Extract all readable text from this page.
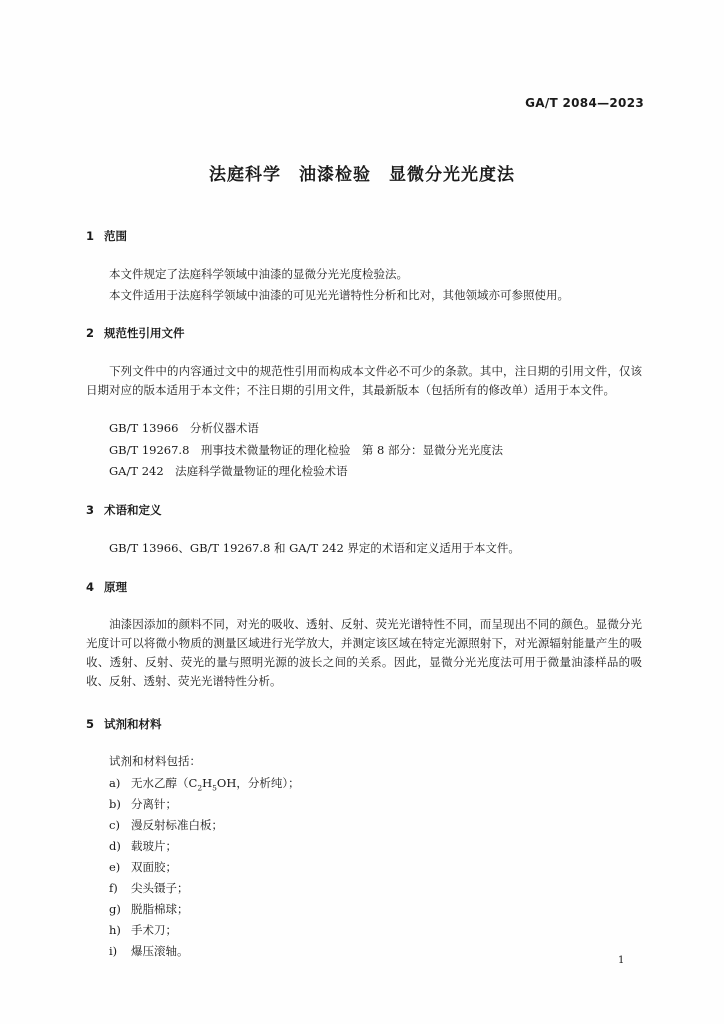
GA/T 2084—2023
法庭科学　油漆检验　显微分光光度法
1 范围
本文件规定了法庭科学领域中油漆的显微分光光度检验法。
本文件适用于法庭科学领域中油漆的可见光光谱特性分析和比对，其他领域亦可参照使用。
2 规范性引用文件
下列文件中的内容通过文中的规范性引用而构成本文件必不可少的条款。其中，注日期的引用文件，仅该日期对应的版本适用于本文件；不注日期的引用文件，其最新版本（包括所有的修改单）适用于本文件。
GB/T 13966　分析仪器术语
GB/T 19267.8　刑事技术微量物证的理化检验　第 8 部分：显微分光光度法
GA/T 242　法庭科学微量物证的理化检验术语
3 术语和定义
GB/T 13966、GB/T 19267.8 和 GA/T 242 界定的术语和定义适用于本文件。
4 原理
油漆因添加的颜料不同，对光的吸收、透射、反射、荧光光谱特性不同，而呈现出不同的颜色。显微分光光度计可以将微小物质的测量区域进行光学放大，并测定该区域在特定光源照射下，对光源辐射能量产生的吸收、透射、反射、荧光的量与照明光源的波长之间的关系。因此，显微分光光度法可用于微量油漆样品的吸收、反射、透射、荧光光谱特性分析。
5 试剂和材料
试剂和材料包括：
a) 无水乙醇（$C_2H_5OH$，分析纯）；
b) 分离针；
c) 漫反射标准白板；
d) 载玻片；
e) 双面胶；
f) 尖头镊子；
g) 脱脂棉球；
h) 手术刀；
i) 爆压滚轴。
1
